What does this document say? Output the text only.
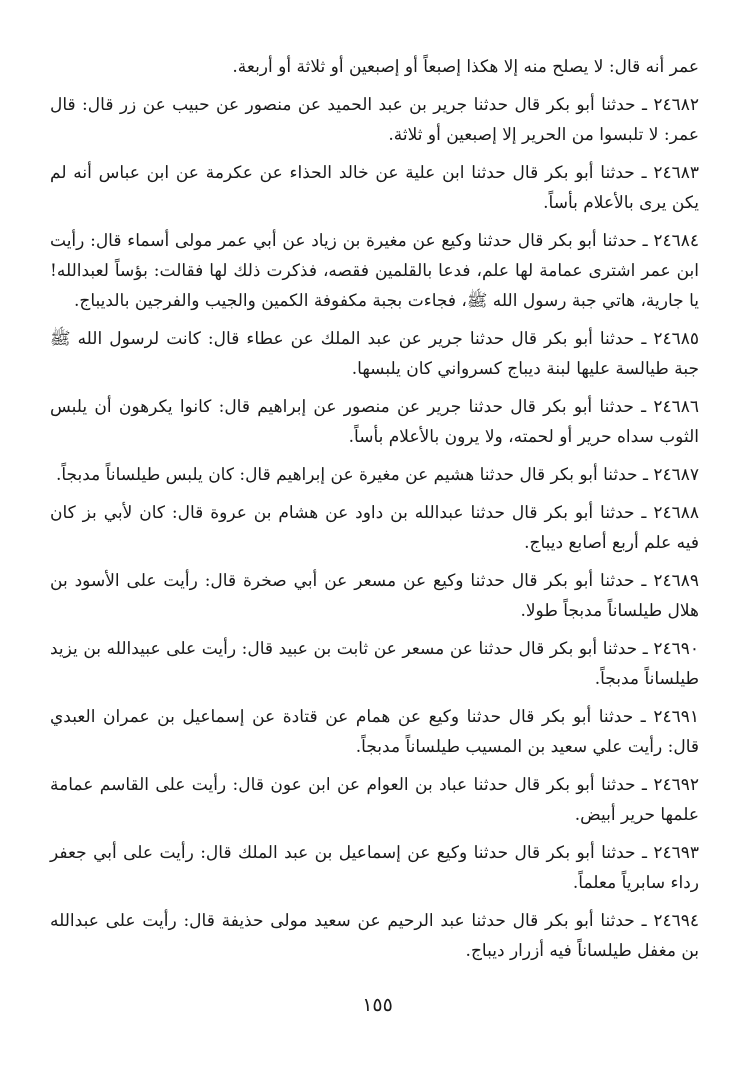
عمر أنه قال: لا يصلح منه إلا هكذا إصبعاً أو إصبعين أو ثلاثة أو أربعة.

٢٤٦٨٢ ـ حدثنا أبو بكر قال حدثنا جرير بن عبد الحميد عن منصور عن حبيب عن زر قال: قال عمر: لا تلبسوا من الحرير إلا إصبعين أو ثلاثة.

٢٤٦٨٣ ـ حدثنا أبو بكر قال حدثنا ابن علية عن خالد الحذاء عن عكرمة عن ابن عباس أنه لم يكن يرى بالأعلام بأساً.

٢٤٦٨٤ ـ حدثنا أبو بكر قال حدثنا وكيع عن مغيرة بن زياد عن أبي عمر مولى أسماء قال: رأيت ابن عمر اشترى عمامة لها علم، فدعا بالقلمين فقصه، فذكرت ذلك لها فقالت: بؤساً لعبدالله! يا جارية، هاتي جبة رسول الله ﷺ، فجاءت بجبة مكفوفة الكمين والجيب والفرجين بالديباج.

٢٤٦٨٥ ـ حدثنا أبو بكر قال حدثنا جرير عن عبد الملك عن عطاء قال: كانت لرسول الله ﷺ جبة طيالسة عليها لبنة ديباج كسرواني كان يلبسها.

٢٤٦٨٦ ـ حدثنا أبو بكر قال حدثنا جرير عن منصور عن إبراهيم قال: كانوا يكرهون أن يلبس الثوب سداه حرير أو لحمته، ولا يرون بالأعلام بأساً.

٢٤٦٨٧ ـ حدثنا أبو بكر قال حدثنا هشيم عن مغيرة عن إبراهيم قال: كان يلبس طيلساناً مدبجاً.

٢٤٦٨٨ ـ حدثنا أبو بكر قال حدثنا عبدالله بن داود عن هشام بن عروة قال: كان لأبي بز كان فيه علم أربع أصابع ديباج.

٢٤٦٨٩ ـ حدثنا أبو بكر قال حدثنا وكيع عن مسعر عن أبي صخرة قال: رأيت على الأسود بن هلال طيلساناً مدبجاً طولا.

٢٤٦٩٠ ـ حدثنا أبو بكر قال حدثنا عن مسعر عن ثابت بن عبيد قال: رأيت على عبيدالله بن يزيد طيلساناً مدبجاً.

٢٤٦٩١ ـ حدثنا أبو بكر قال حدثنا وكيع عن همام عن قتادة عن إسماعيل بن عمران العبدي قال: رأيت علي سعيد بن المسيب طيلساناً مدبجاً.

٢٤٦٩٢ ـ حدثنا أبو بكر قال حدثنا عباد بن العوام عن ابن عون قال: رأيت على القاسم عمامة علمها حرير أبيض.

٢٤٦٩٣ ـ حدثنا أبو بكر قال حدثنا وكيع عن إسماعيل بن عبد الملك قال: رأيت على أبي جعفر رداء سابرياً معلماً.

٢٤٦٩٤ ـ حدثنا أبو بكر قال حدثنا عبد الرحيم عن سعيد مولى حذيفة قال: رأيت على عبدالله بن مغفل طيلساناً فيه أزرار ديباج.

١٥٥
